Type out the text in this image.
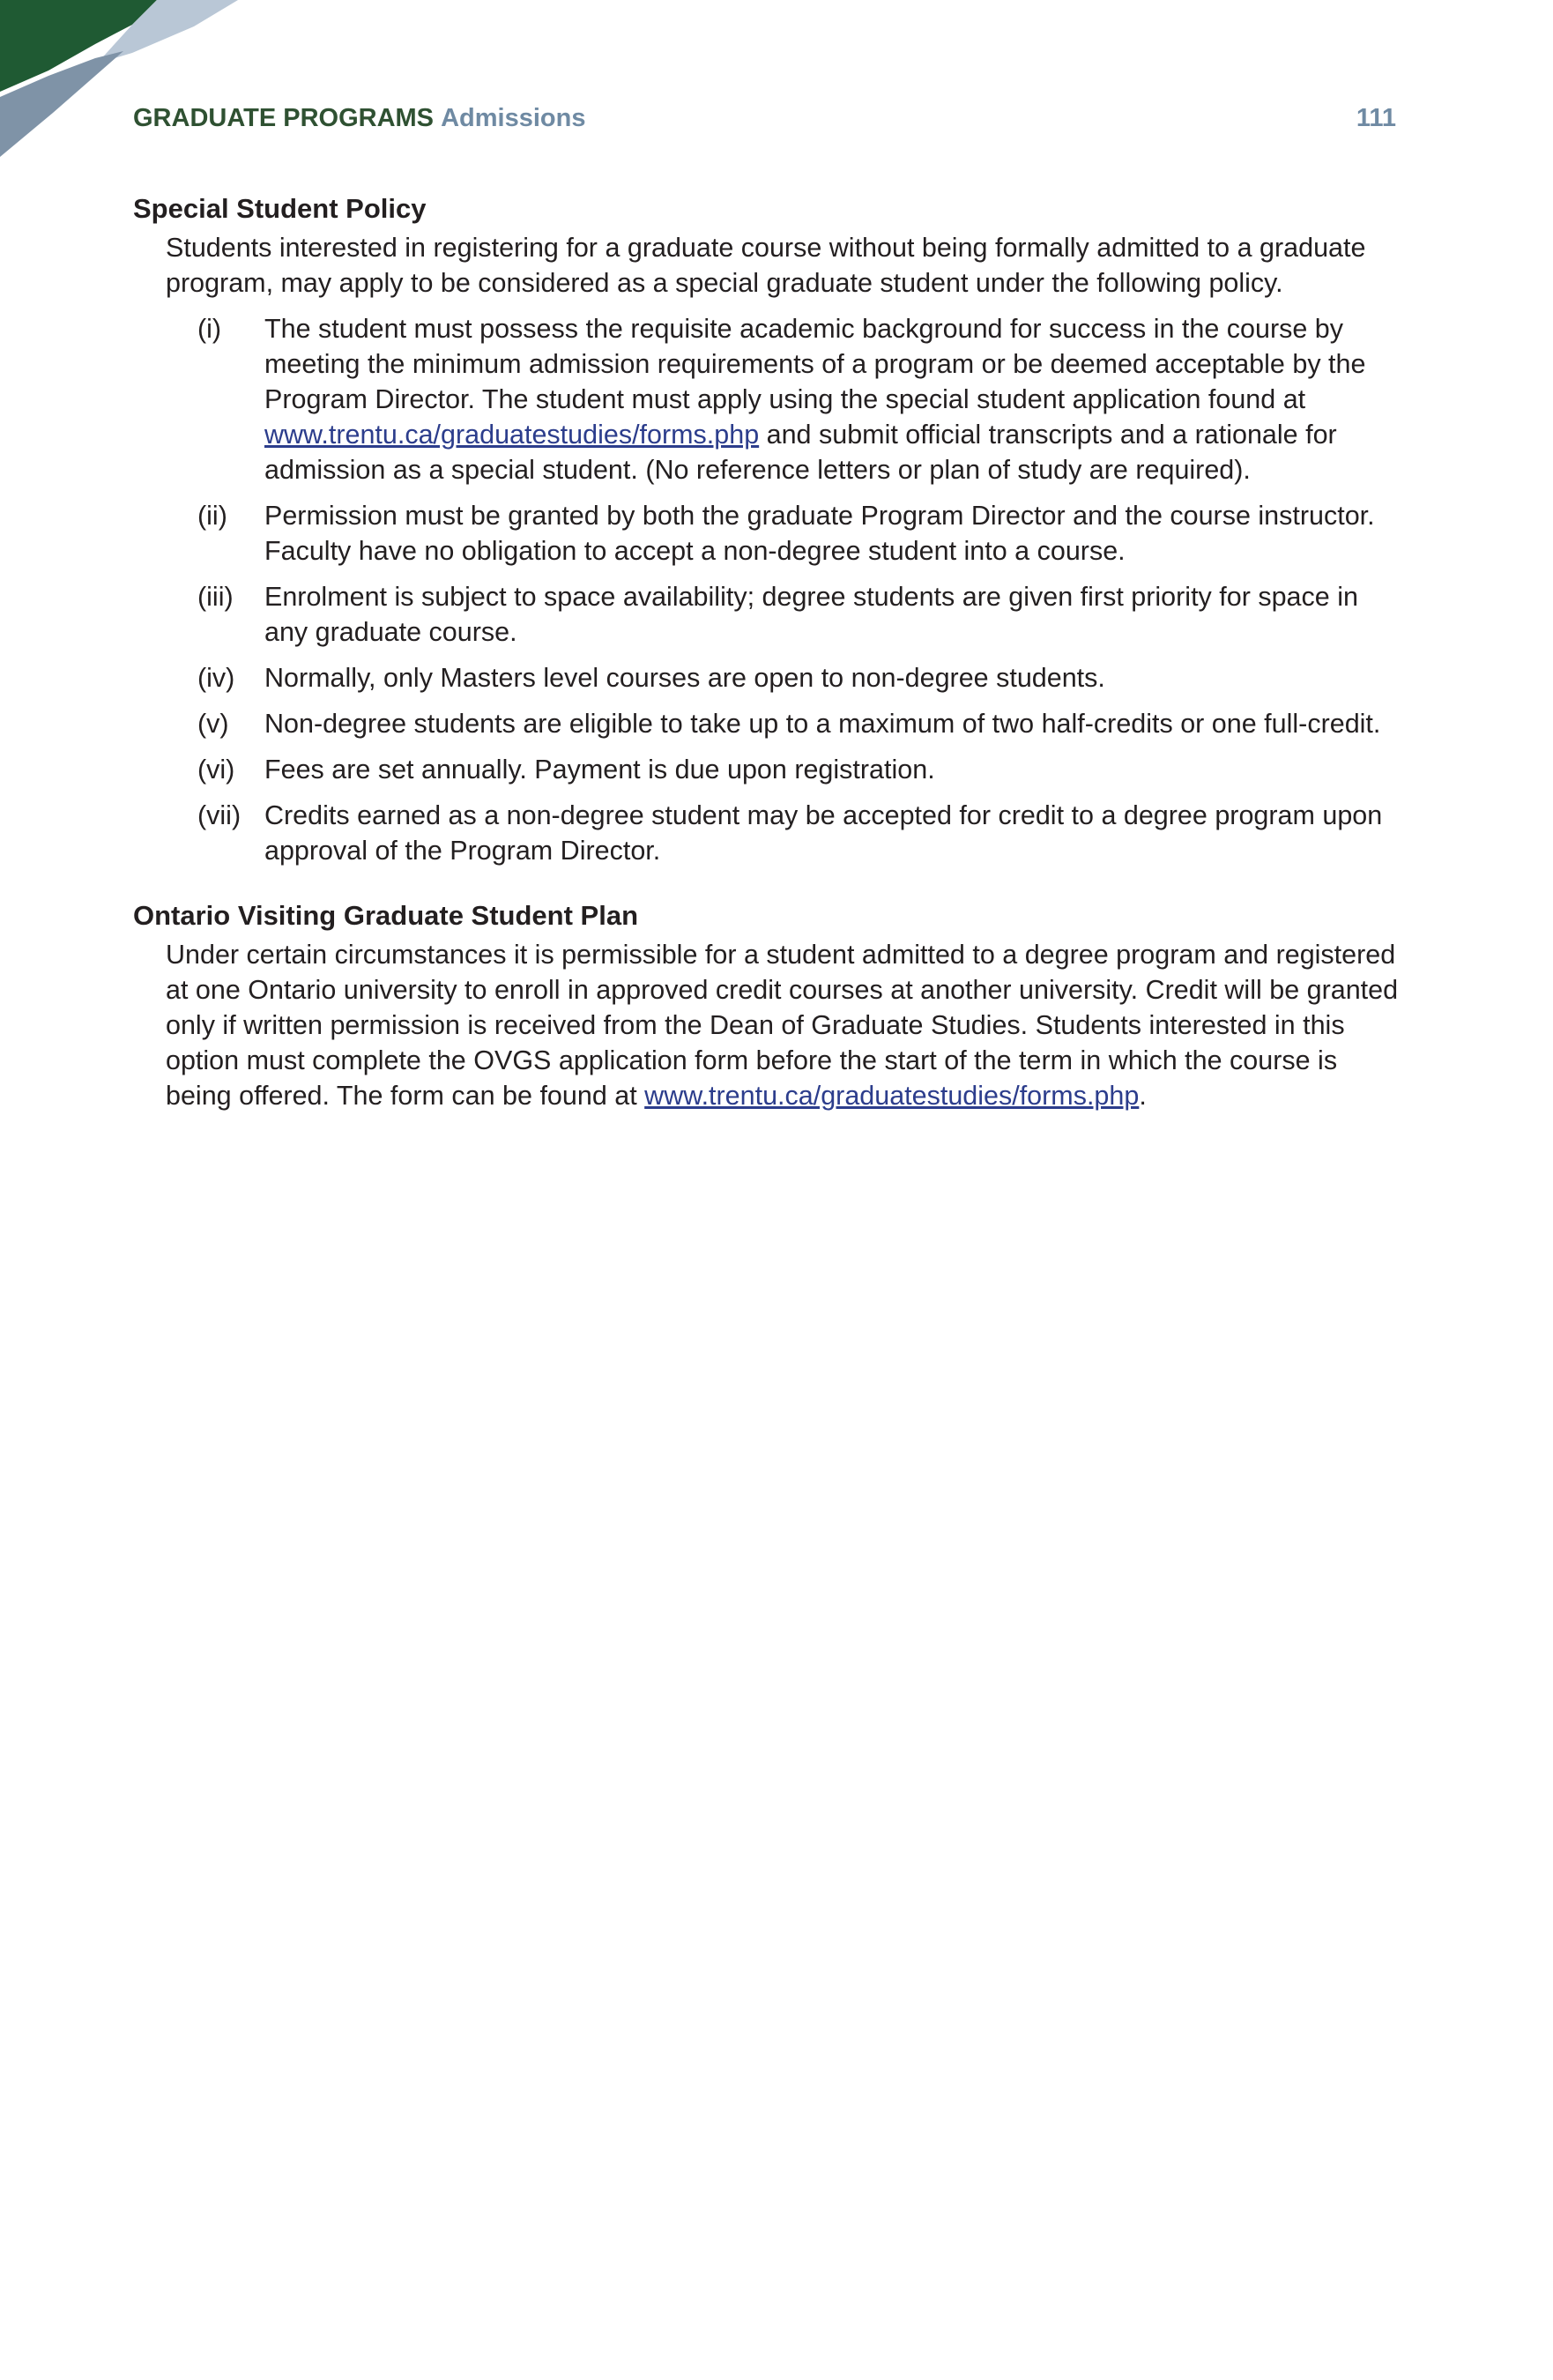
GRADUATE PROGRAMS Admissions	111
Special Student Policy

Students interested in registering for a graduate course without being formally admitted to a graduate program, may apply to be considered as a special graduate student under the following policy.

(i) The student must possess the requisite academic background for success in the course by meeting the minimum admission requirements of a program or be deemed acceptable by the Program Director. The student must apply using the special student application found at www.trentu.ca/graduatestudies/forms.php and submit official transcripts and a rationale for admission as a special student. (No reference letters or plan of study are required).
(ii) Permission must be granted by both the graduate Program Director and the course instructor. Faculty have no obligation to accept a non-degree student into a course.
(iii) Enrolment is subject to space availability; degree students are given first priority for space in any graduate course.
(iv) Normally, only Masters level courses are open to non-degree students.
(v) Non-degree students are eligible to take up to a maximum of two half-credits or one full-credit.
(vi) Fees are set annually. Payment is due upon registration.
(vii) Credits earned as a non-degree student may be accepted for credit to a degree program upon approval of the Program Director.
Ontario Visiting Graduate Student Plan

Under certain circumstances it is permissible for a student admitted to a degree program and registered at one Ontario university to enroll in approved credit courses at another university. Credit will be granted only if written permission is received from the Dean of Graduate Studies. Students interested in this option must complete the OVGS application form before the start of the term in which the course is being offered. The form can be found at www.trentu.ca/graduatestudies/forms.php.
